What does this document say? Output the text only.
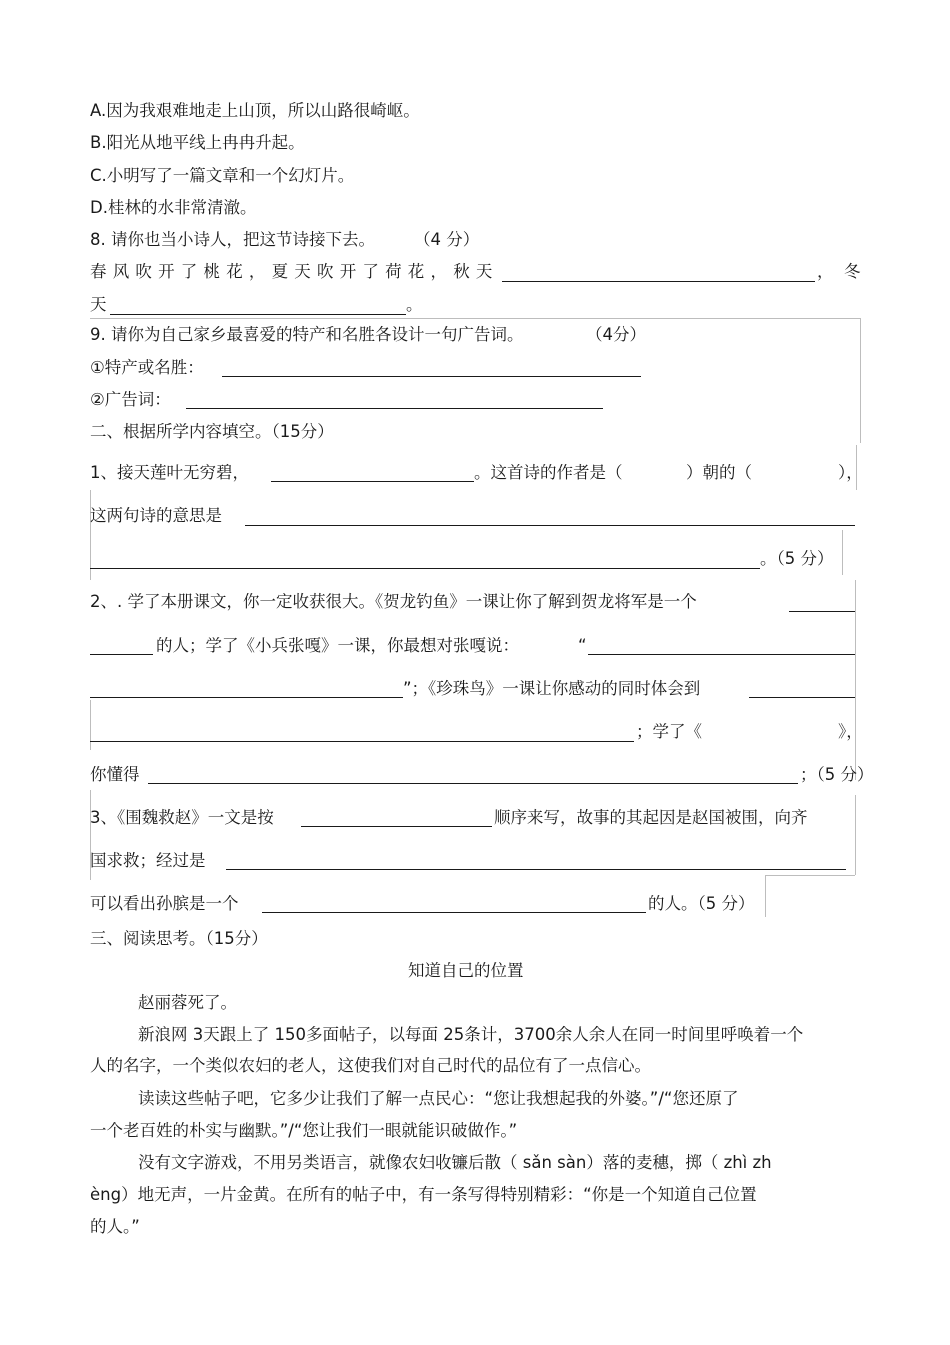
A.因为我艰难地走上山顶，所以山路很崎岖。
B.阳光从地平线上冉冉升起。
C.小明写了一篇文章和一个幻灯片。
D.桂林的水非常清澈。
8. 请你也当小诗人，把这节诗接下去。 （4 分）
春风吹开了桃花，夏天吹开了荷花，秋天	， 冬
天	。
9. 请你为自己家乡最喜爱的特产和名胜各设计一句广告词。	（4分）
①特产或名胜：
②广告词：
二、根据所学内容填空。（15分）
1、接天莲叶无穷碧，	。这首诗的作者是（	）朝的（	），
这两句诗的意思是
。（5 分）
2、. 学了本册课文，你一定收获很大。《贺龙钓鱼》一课让你了解到贺龙将军是一个
的人；学了《小兵张嘎》一课，你最想对张嘎说：	“
”；《珍珠鸟》一课让你感动的同时体会到
；学了《	》，
你懂得	；（5 分）
3、《围魏救赵》一文是按	顺序来写，故事的其起因是赵国被围，向齐
国求救；经过是
可以看出孙膑是一个	的人。（5 分）
三、阅读思考。（15分）
知道自己的位置
赵丽蓉死了。
新浪网 3天跟上了 150多面帖子，以每面 25条计，3700余人余人在同一时间里呼唤着一个
人的名字，一个类似农妇的老人，这使我们对自己时代的品位有了一点信心。
读读这些帖子吧，它多少让我们了解一点民心：“您让我想起我的外婆。”/“您还原了
一个老百姓的朴实与幽默。”/“您让我们一眼就能识破做作。”
没有文字游戏，不用另类语言，就像农妇收镰后散（ sǎn sàn）落的麦穗，掷（ zhì zh
èng）地无声，一片金黄。在所有的帖子中，有一条写得特别精彩：“你是一个知道自己位置
的人。”
